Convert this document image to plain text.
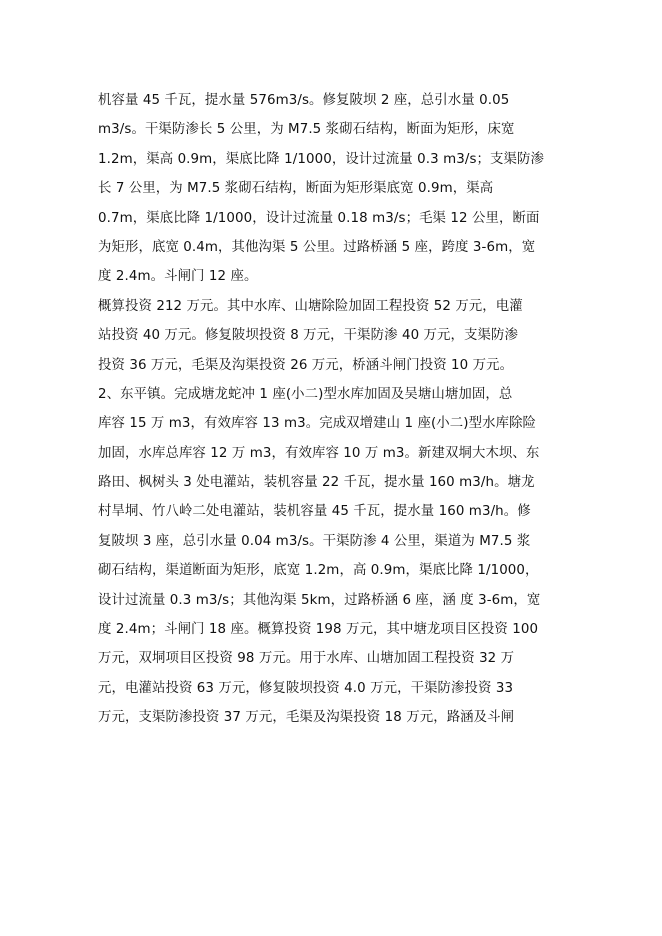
机容量 45 千瓦，提水量 576m3/s。修复陂坝 2 座，总引水量 0.05
m3/s。干渠防渗长 5 公里，为 M7.5 浆砌石结构，断面为矩形，床宽
1.2m，渠高 0.9m，渠底比降 1/1000，设计过流量 0.3 m3/s；支渠防渗
长 7 公里，为 M7.5 浆砌石结构，断面为矩形渠底宽 0.9m，渠高
0.7m，渠底比降 1/1000，设计过流量 0.18 m3/s；毛渠 12 公里，断面
为矩形，底宽 0.4m，其他沟渠 5 公里。过路桥涵 5 座，跨度 3-6m，宽
度 2.4m。斗闸门 12 座。
概算投资 212 万元。其中水库、山塘除险加固工程投资 52 万元，电灌
站投资 40 万元。修复陂坝投资 8 万元，干渠防渗 40 万元，支渠防渗
投资 36 万元，毛渠及沟渠投资 26 万元，桥涵斗闸门投资 10 万元。
2、东平镇。完成塘龙蛇冲 1 座(小二)型水库加固及吴塘山塘加固，总
库容 15 万 m3，有效库容 13 m3。完成双增建山 1 座(小二)型水库除险
加固，水库总库容 12 万 m3，有效库容 10 万 m3。新建双垌大木坝、东
路田、枫树头 3 处电灌站，装机容量 22 千瓦，提水量 160 m3/h。塘龙
村旱垌、竹八岭二处电灌站，装机容量 45 千瓦，提水量 160 m3/h。修
复陂坝 3 座，总引水量 0.04 m3/s。干渠防渗 4 公里，渠道为 M7.5 浆
砌石结构，渠道断面为矩形，底宽 1.2m，高 0.9m，渠底比降 1/1000，
设计过流量 0.3 m3/s；其他沟渠 5km，过路桥涵 6 座，涵 度 3-6m，宽
度 2.4m；斗闸门 18 座。概算投资 198 万元，其中塘龙项目区投资 100
万元，双垌项目区投资 98 万元。用于水库、山塘加固工程投资 32 万
元，电灌站投资 63 万元，修复陂坝投资 4.0 万元，干渠防渗投资 33
万元，支渠防渗投资 37 万元，毛渠及沟渠投资 18 万元，路涵及斗闸
